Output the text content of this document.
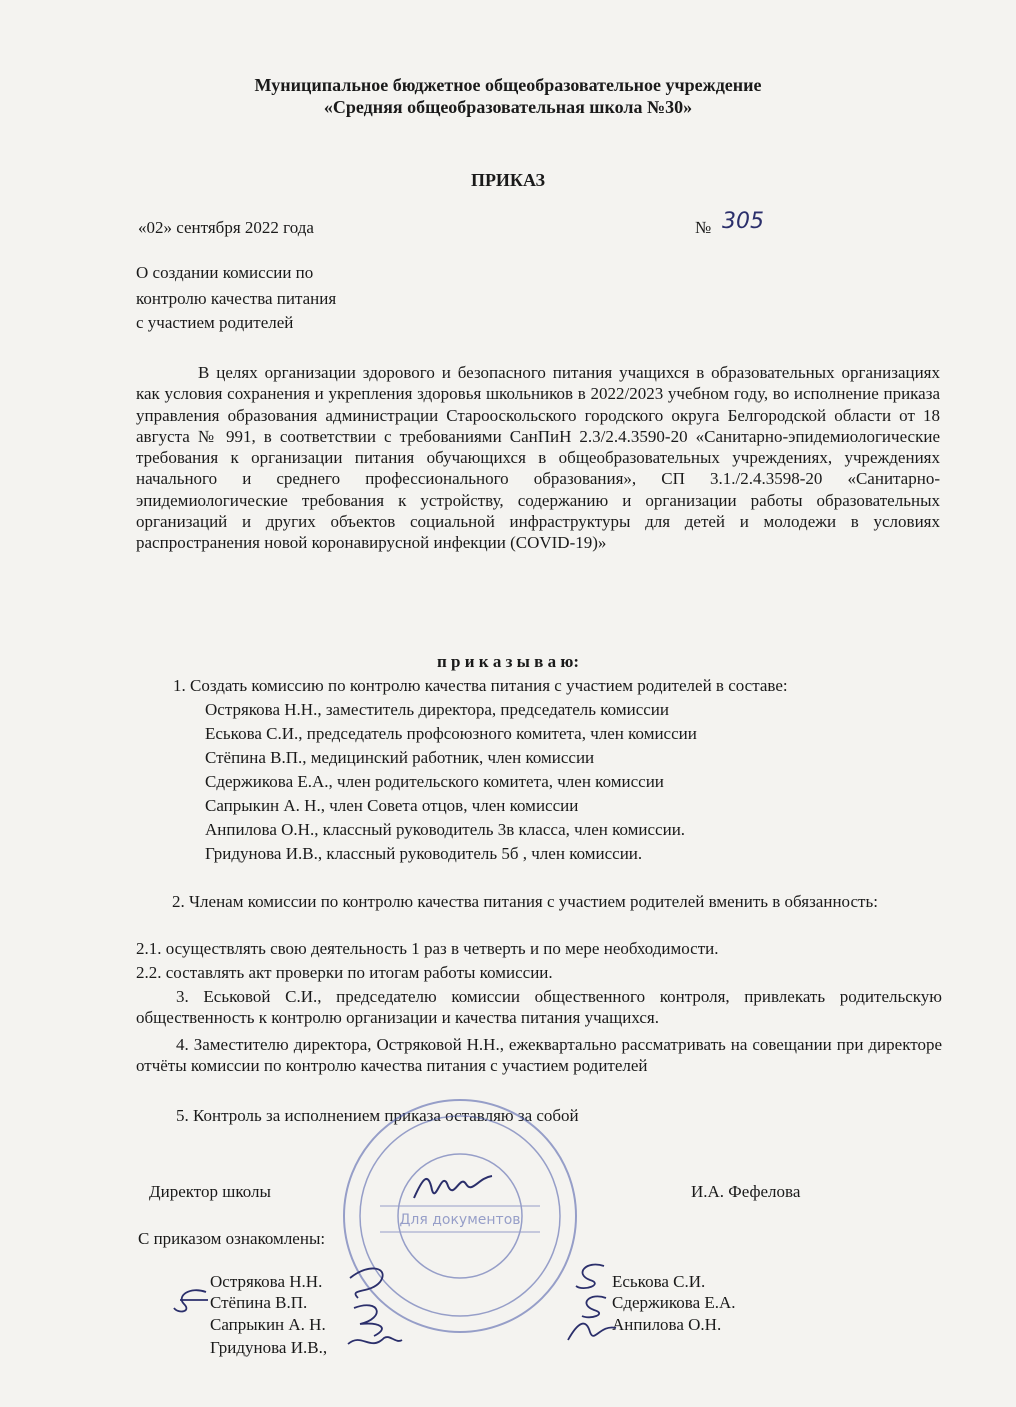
Муниципальное бюджетное общеобразовательное учреждение
«Средняя общеобразовательная школа №30»
ПРИКАЗ
«02» сентября 2022 года	№ 305
О создании комиссии по
контролю качества питания
с участием родителей
В целях организации здорового и безопасного питания учащихся в образовательных организациях как условия сохранения и укрепления здоровья школьников в 2022/2023 учебном году, во исполнение приказа управления образования администрации Старооскольского городского округа Белгородской области от 18 августа № 991, в соответствии с требованиями СанПиН 2.3/2.4.3590-20 «Санитарно-эпидемиологические требования к организации питания обучающихся в общеобразовательных учреждениях, учреждениях начального и среднего профессионального образования», СП 3.1./2.4.3598-20 «Санитарно-эпидемиологические требования к устройству, содержанию и организации работы образовательных организаций и других объектов социальной инфраструктуры для детей и молодежи в условиях распространения новой коронавирусной инфекции (COVID-19)»
п р и к а з ы в а ю:
1. Создать комиссию по контролю качества питания с участием родителей в составе:
Острякова Н.Н., заместитель директора, председатель комиссии
Еськова С.И., председатель профсоюзного комитета, член комиссии
Стёпина В.П., медицинский работник, член комиссии
Сдержикова Е.А., член родительского комитета, член комиссии
Сапрыкин А. Н., член Совета отцов, член комиссии
Анпилова О.Н., классный руководитель 3в класса, член комиссии.
Гридунова И.В., классный руководитель 5б , член комиссии.
2. Членам комиссии по контролю качества питания с участием родителей вменить в обязанность:
2.1. осуществлять свою деятельность 1 раз в четверть и по мере необходимости.
2.2. составлять акт проверки по итогам работы комиссии.
3. Еськовой С.И., председателю комиссии общественного контроля, привлекать родительскую общественность к контролю организации и качества питания учащихся.
4. Заместителю директора, Остряковой Н.Н., ежеквартально рассматривать на совещании при директоре отчёты комиссии по контролю качества питания с участием родителей
5. Контроль за исполнением приказа оставляю за собой
Для документов
Директор школы	И.А. Фефелова
С приказом ознакомлены:
Острякова Н.Н.
Стёпина В.П.
Сапрыкин А. Н.
Гридунова И.В.,
Еськова С.И.
Сдержикова Е.А.
Анпилова О.Н.
